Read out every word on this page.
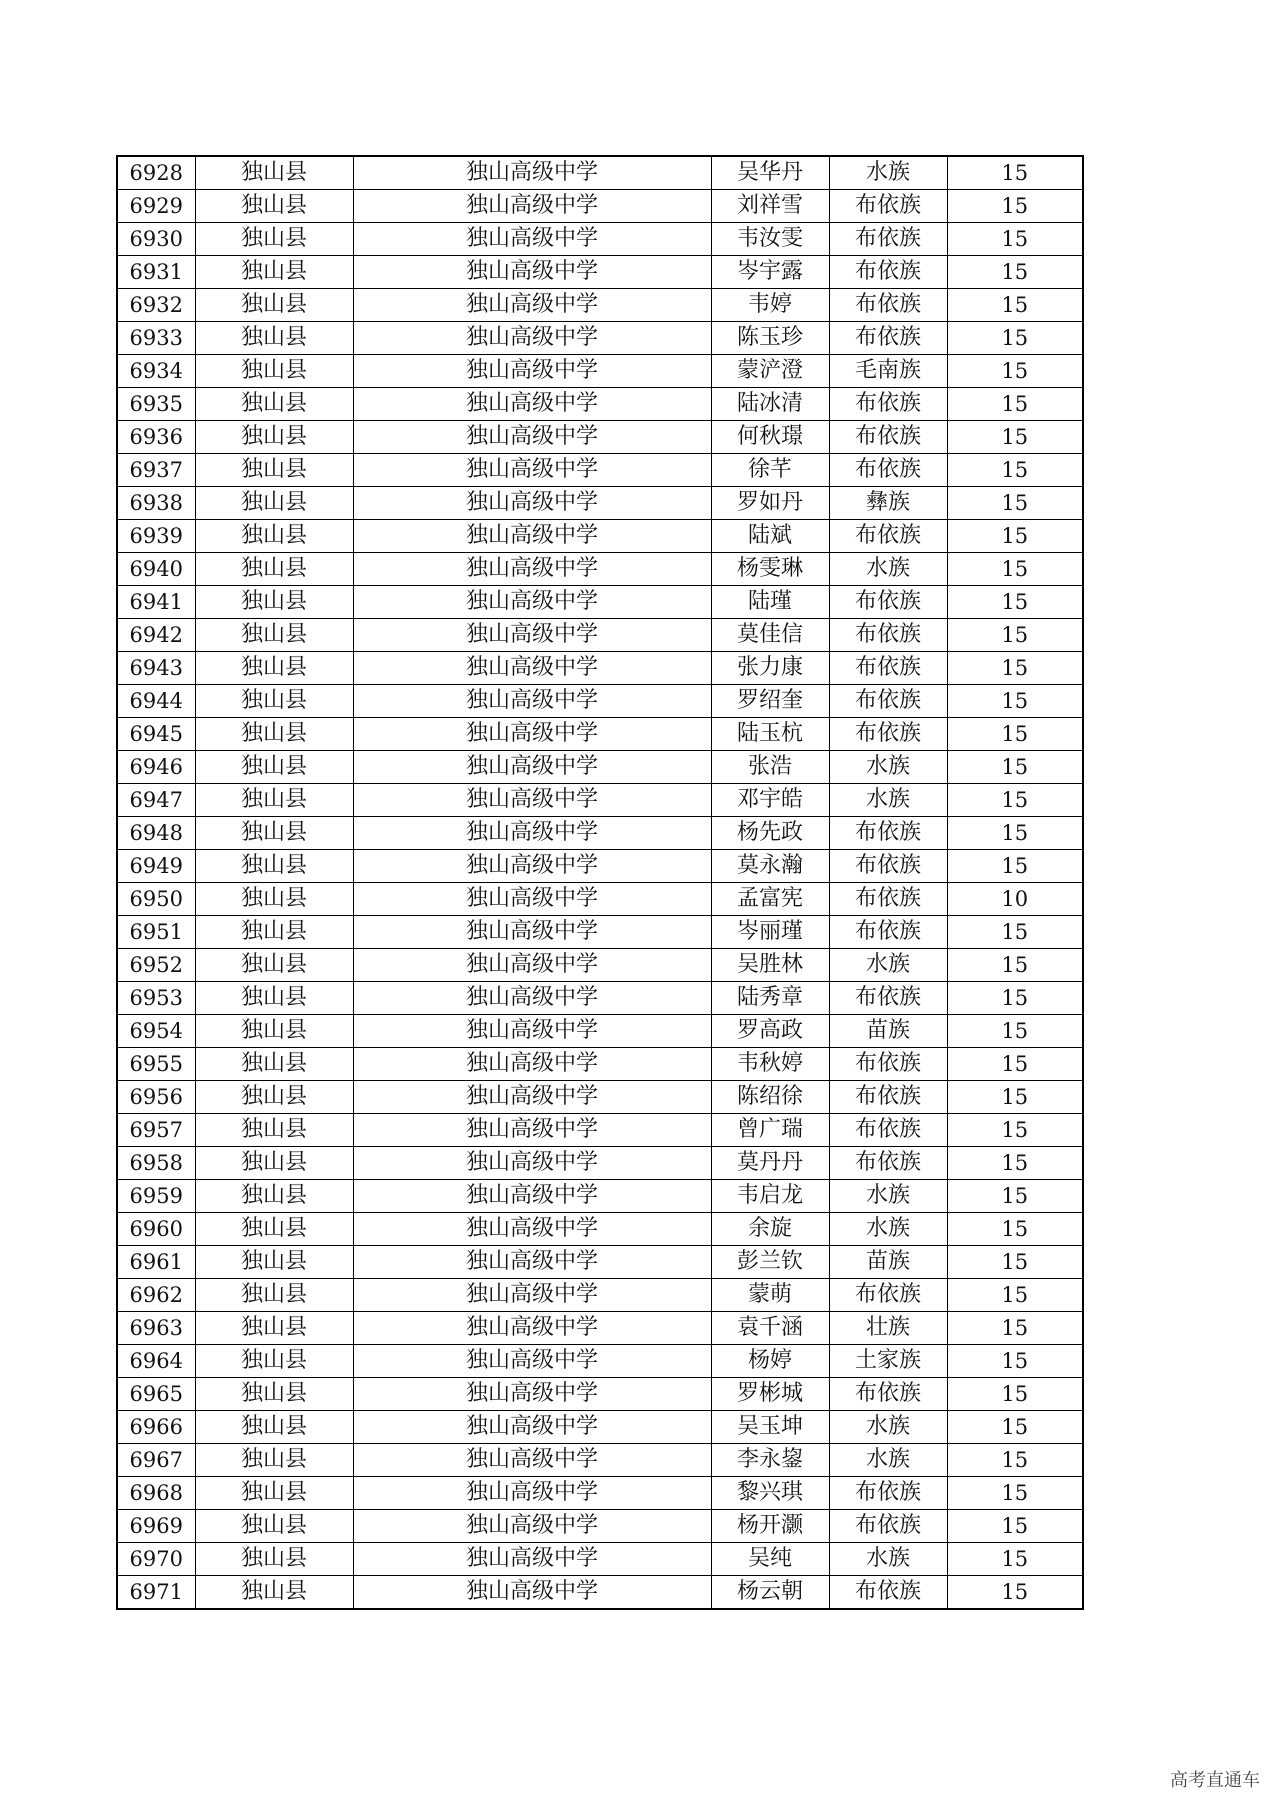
6928	独山县	独山高级中学	吴华丹	水族	15
6929	独山县	独山高级中学	刘祥雪	布依族	15
6930	独山县	独山高级中学	韦汝雯	布依族	15
6931	独山县	独山高级中学	岑宇露	布依族	15
6932	独山县	独山高级中学	韦婷	布依族	15
6933	独山县	独山高级中学	陈玉珍	布依族	15
6934	独山县	独山高级中学	蒙浐澄	毛南族	15
6935	独山县	独山高级中学	陆冰清	布依族	15
6936	独山县	独山高级中学	何秋璟	布依族	15
6937	独山县	独山高级中学	徐芊	布依族	15
6938	独山县	独山高级中学	罗如丹	彝族	15
6939	独山县	独山高级中学	陆斌	布依族	15
6940	独山县	独山高级中学	杨雯琳	水族	15
6941	独山县	独山高级中学	陆瑾	布依族	15
6942	独山县	独山高级中学	莫佳信	布依族	15
6943	独山县	独山高级中学	张力康	布依族	15
6944	独山县	独山高级中学	罗绍奎	布依族	15
6945	独山县	独山高级中学	陆玉杭	布依族	15
6946	独山县	独山高级中学	张浩	水族	15
6947	独山县	独山高级中学	邓宇皓	水族	15
6948	独山县	独山高级中学	杨先政	布依族	15
6949	独山县	独山高级中学	莫永瀚	布依族	15
6950	独山县	独山高级中学	孟富宪	布依族	10
6951	独山县	独山高级中学	岑丽瑾	布依族	15
6952	独山县	独山高级中学	吴胜林	水族	15
6953	独山县	独山高级中学	陆秀章	布依族	15
6954	独山县	独山高级中学	罗高政	苗族	15
6955	独山县	独山高级中学	韦秋婷	布依族	15
6956	独山县	独山高级中学	陈绍徐	布依族	15
6957	独山县	独山高级中学	曾广瑞	布依族	15
6958	独山县	独山高级中学	莫丹丹	布依族	15
6959	独山县	独山高级中学	韦启龙	水族	15
6960	独山县	独山高级中学	余旋	水族	15
6961	独山县	独山高级中学	彭兰钦	苗族	15
6962	独山县	独山高级中学	蒙萌	布依族	15
6963	独山县	独山高级中学	袁千涵	壮族	15
6964	独山县	独山高级中学	杨婷	土家族	15
6965	独山县	独山高级中学	罗彬城	布依族	15
6966	独山县	独山高级中学	吴玉坤	水族	15
6967	独山县	独山高级中学	李永鋆	水族	15
6968	独山县	独山高级中学	黎兴琪	布依族	15
6969	独山县	独山高级中学	杨开灏	布依族	15
6970	独山县	独山高级中学	吴纯	水族	15
6971	独山县	独山高级中学	杨云朝	布依族	15
高考直通车
